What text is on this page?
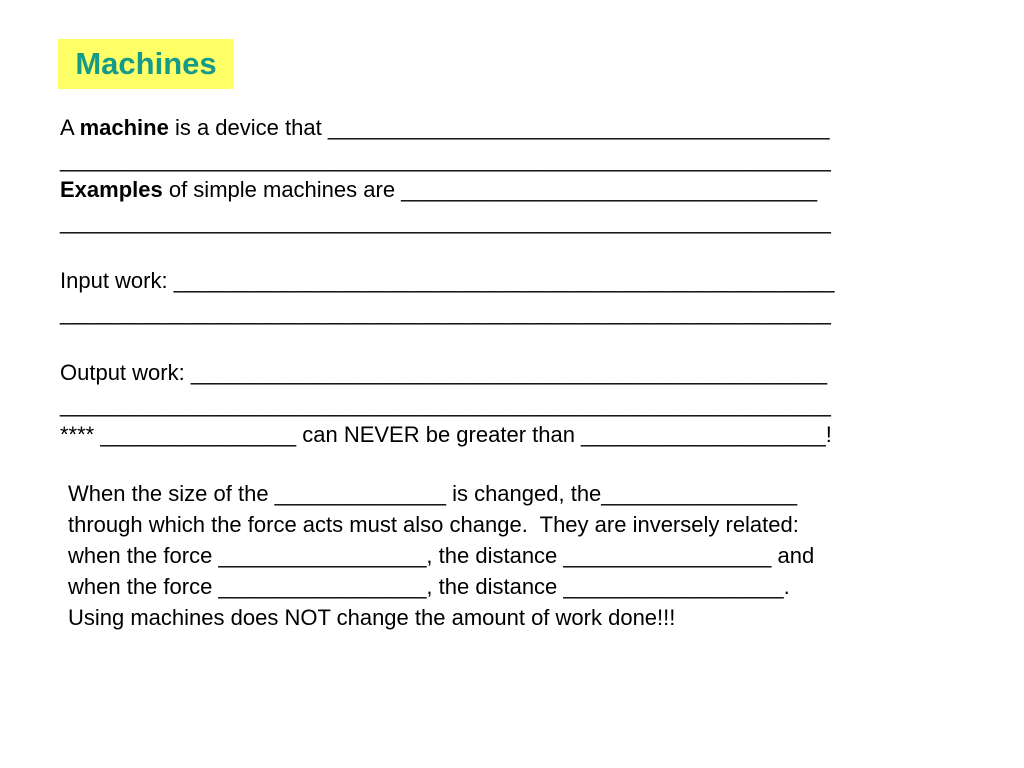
Machines
A machine is a device that _________________________________________
_______________________________________________________________
Examples of simple machines are __________________________________
_______________________________________________________________
Input work: ______________________________________________________
_______________________________________________________________
Output work: ____________________________________________________
_______________________________________________________________
**** ________________ can NEVER be greater than ____________________!
When the size of the ______________ is changed, the________________
through which the force acts must also change.  They are inversely related:
when the force _________________, the distance _________________ and
when the force _________________, the distance __________________.
Using machines does NOT change the amount of work done!!!
